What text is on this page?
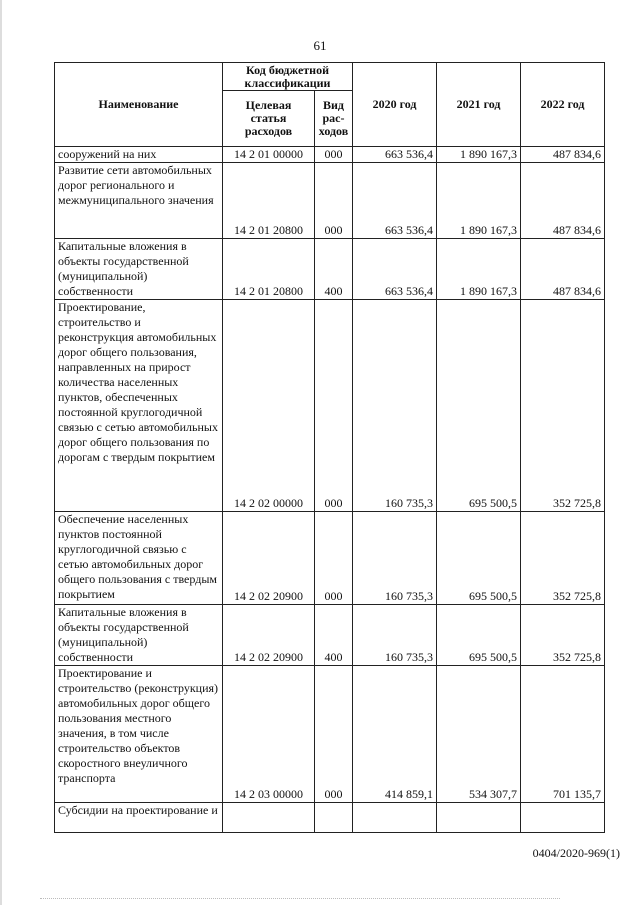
61
Наименование	Код бюджетной классификации		2020 год	2021 год	2022 год
	Целевая статья расходов	Вид рас-ходов			
сооружений на них	14 2 01 00000	000	663 536,4	1 890 167,3	487 834,6
Развитие сети автомобильных дорог регионального и межмуниципального значения	14 2 01 20800	000	663 536,4	1 890 167,3	487 834,6
Капитальные вложения в объекты государственной (муниципальной) собственности	14 2 01 20800	400	663 536,4	1 890 167,3	487 834,6
Проектирование, строительство и реконструкция автомобильных дорог общего пользования, направленных на прирост количества населенных пунктов, обеспеченных постоянной круглогодичной связью с сетью автомобильных дорог общего пользования по дорогам с твердым покрытием	14 2 02 00000	000	160 735,3	695 500,5	352 725,8
Обеспечение населенных пунктов постоянной круглогодичной связью с сетью автомобильных дорог общего пользования с твердым покрытием	14 2 02 20900	000	160 735,3	695 500,5	352 725,8
Капитальные вложения в объекты государственной (муниципальной) собственности	14 2 02 20900	400	160 735,3	695 500,5	352 725,8
Проектирование и строительство (реконструкция) автомобильных дорог общего пользования местного значения, в том числе строительство объектов скоростного внеуличного транспорта	14 2 03 00000	000	414 859,1	534 307,7	701 135,7
Субсидии на проектирование и					
0404/2020-969(1)
